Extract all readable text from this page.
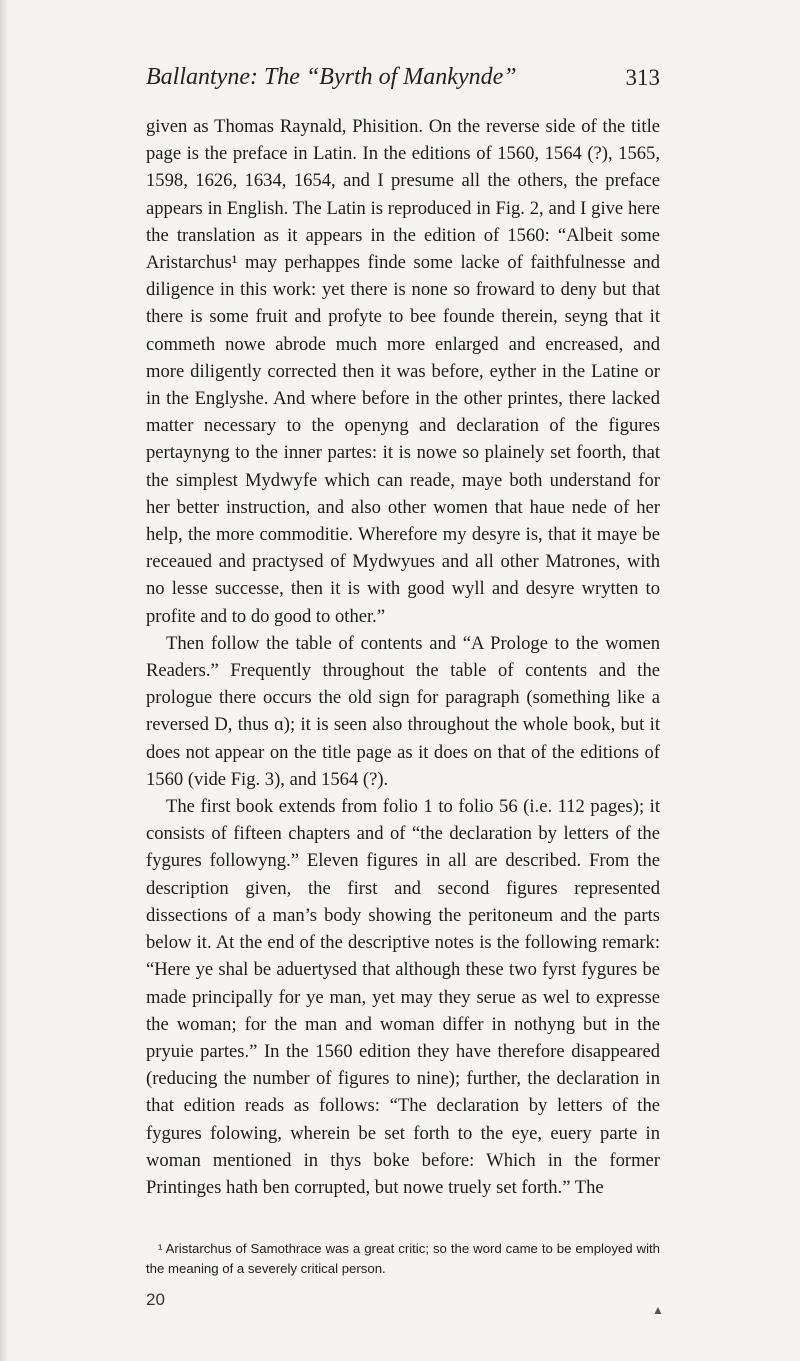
Ballantyne: The “Byrth of Mankynde”	313

given as Thomas Raynald, Phisition. On the reverse side of the title page is the preface in Latin. In the editions of 1560, 1564 (?), 1565, 1598, 1626, 1634, 1654, and I presume all the others, the preface appears in English. The Latin is reproduced in Fig. 2, and I give here the translation as it appears in the edition of 1560: “Albeit some Aristarchus¹ may perhappes finde some lacke of faithfulnesse and diligence in this work: yet there is none so froward to deny but that there is some fruit and profyte to bee founde therein, seyng that it commeth nowe abrode much more enlarged and encreased, and more diligently corrected then it was before, eyther in the Latine or in the Englyshe. And where before in the other printes, there lacked matter necessary to the openyng and declaration of the figures pertaynyng to the inner partes: it is nowe so plainely set foorth, that the simplest Mydwyfe which can reade, maye both understand for her better instruction, and also other women that haue nede of her help, the more commoditie. Wherefore my desyre is, that it maye be receaued and practysed of Mydwyues and all other Matrones, with no lesse successe, then it is with good wyll and desyre wrytten to profite and to do good to other.”

Then follow the table of contents and “A Prologe to the women Readers.” Frequently throughout the table of contents and the prologue there occurs the old sign for paragraph (something like a reversed D, thus ɑ); it is seen also throughout the whole book, but it does not appear on the title page as it does on that of the editions of 1560 (vide Fig. 3), and 1564 (?).

The first book extends from folio 1 to folio 56 (i.e. 112 pages); it consists of fifteen chapters and of “the declaration by letters of the fygures followyng.” Eleven figures in all are described. From the description given, the first and second figures represented dissections of a man’s body showing the peritoneum and the parts below it. At the end of the descriptive notes is the following remark: “Here ye shal be aduertysed that although these two fyrst fygures be made principally for ye man, yet may they serue as wel to expresse the woman; for the man and woman differ in nothyng but in the pryuie partes.” In the 1560 edition they have therefore disappeared (reducing the number of figures to nine); further, the declaration in that edition reads as follows: “The declaration by letters of the fygures folowing, wherein be set forth to the eye, euery parte in woman mentioned in thys boke before: Which in the former Printinges hath ben corrupted, but nowe truely set forth.” The

¹ Aristarchus of Samothrace was a great critic; so the word came to be employed with the meaning of a severely critical person.

20
▲
